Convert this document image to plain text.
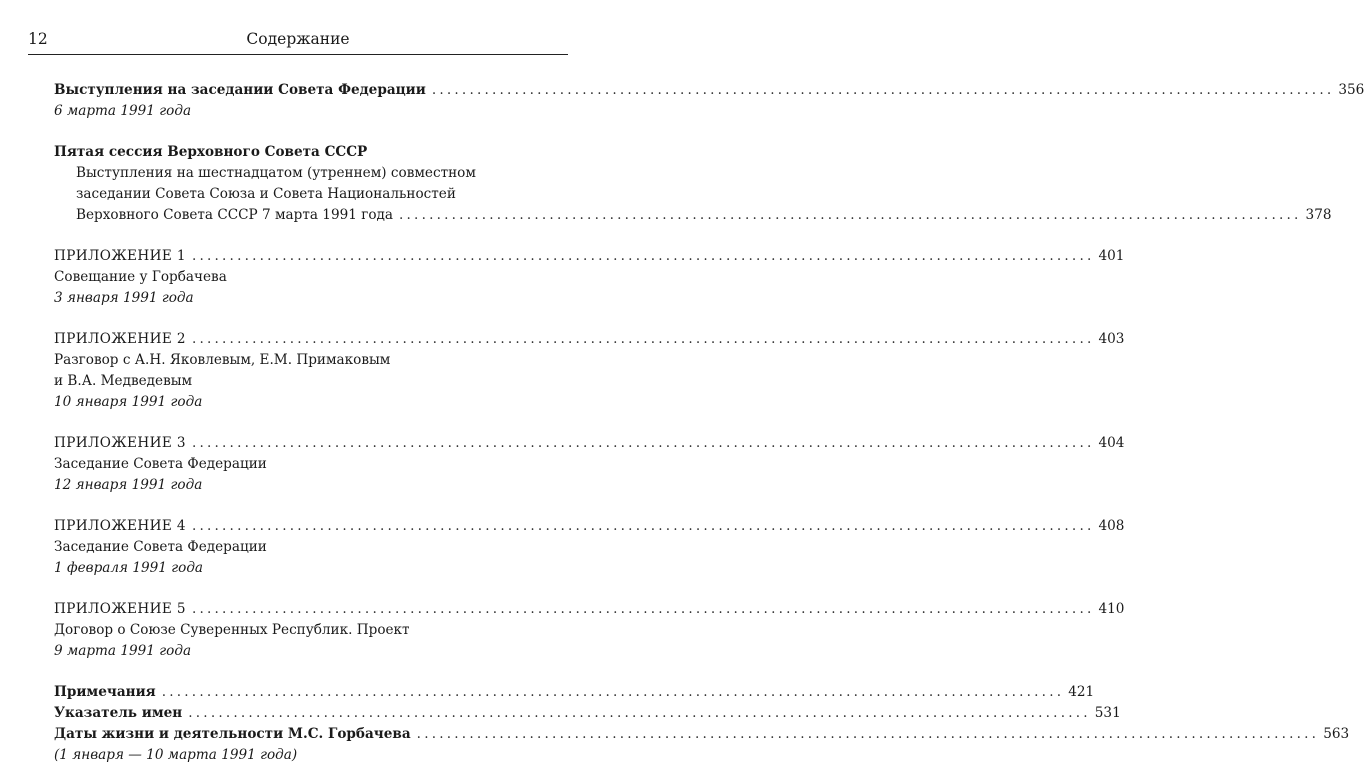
12	Содержание
Выступления на заседании Совета Федерации ........................................................................................................................ 356
6 марта 1991 года
Пятая сессия Верховного Совета СССР
Выступления на шестнадцатом (утреннем) совместном
заседании Совета Союза и Совета Национальностей
Верховного Совета СССР 7 марта 1991 года ........................................................................................................................ 378
ПРИЛОЖЕНИЕ 1 ........................................................................................................................ 401
Совещание у Горбачева
3 января 1991 года
ПРИЛОЖЕНИЕ 2 ........................................................................................................................ 403
Разговор с А.Н. Яковлевым, Е.М. Примаковым
и В.А. Медведевым
10 января 1991 года
ПРИЛОЖЕНИЕ 3 ........................................................................................................................ 404
Заседание Совета Федерации
12 января 1991 года
ПРИЛОЖЕНИЕ 4 ........................................................................................................................ 408
Заседание Совета Федерации
1 февраля 1991 года
ПРИЛОЖЕНИЕ 5 ........................................................................................................................ 410
Договор о Союзе Суверенных Республик. Проект
9 марта 1991 года
Примечания ........................................................................................................................ 421
Указатель имен ........................................................................................................................ 531
Даты жизни и деятельности М.С. Горбачева ........................................................................................................................ 563
(1 января — 10 марта 1991 года)
